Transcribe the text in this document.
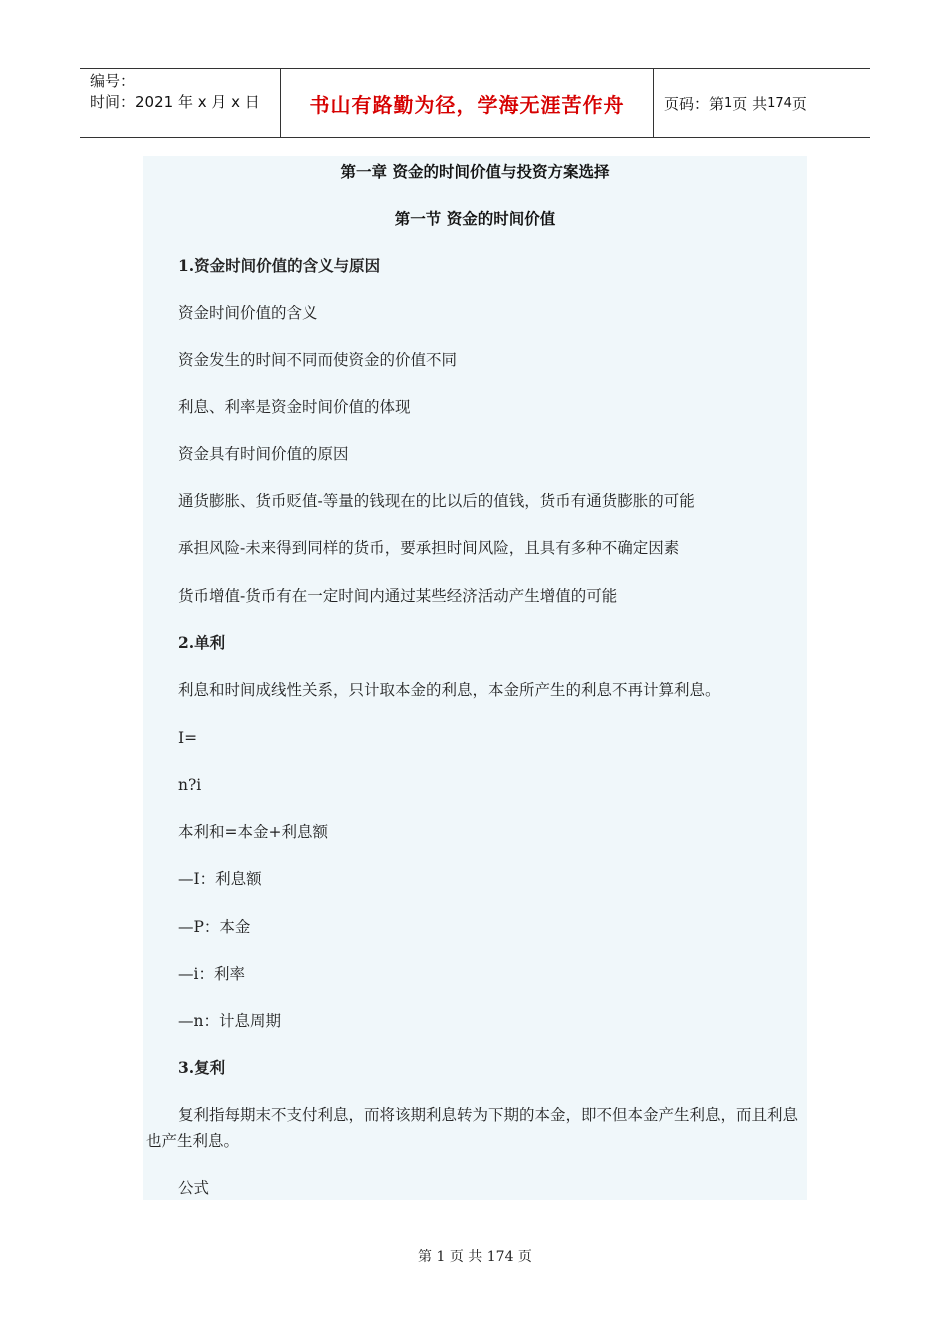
编号：
时间：2021 年 x 月 x 日	书山有路勤为径，学海无涯苦作舟	页码：第 1 页 共 174 页
第一章 资金的时间价值与投资方案选择
第一节 资金的时间价值
1.资金时间价值的含义与原因
资金时间价值的含义
资金发生的时间不同而使资金的价值不同
利息、利率是资金时间价值的体现
资金具有时间价值的原因
通货膨胀、货币贬值-等量的钱现在的比以后的值钱，货币有通货膨胀的可能
承担风险-未来得到同样的货币，要承担时间风险，且具有多种不确定因素
货币增值-货币有在一定时间内通过某些经济活动产生增值的可能
2.单利
利息和时间成线性关系，只计取本金的利息，本金所产生的利息不再计算利息。
I=
n?i
本利和=本金+利息额
—I：利息额
—P：本金
—i：利率
—n：计息周期
3.复利
复利指每期末不支付利息，而将该期利息转为下期的本金，即不但本金产生利息，而且利息也产生利息。
公式
第 1 页 共 174 页
